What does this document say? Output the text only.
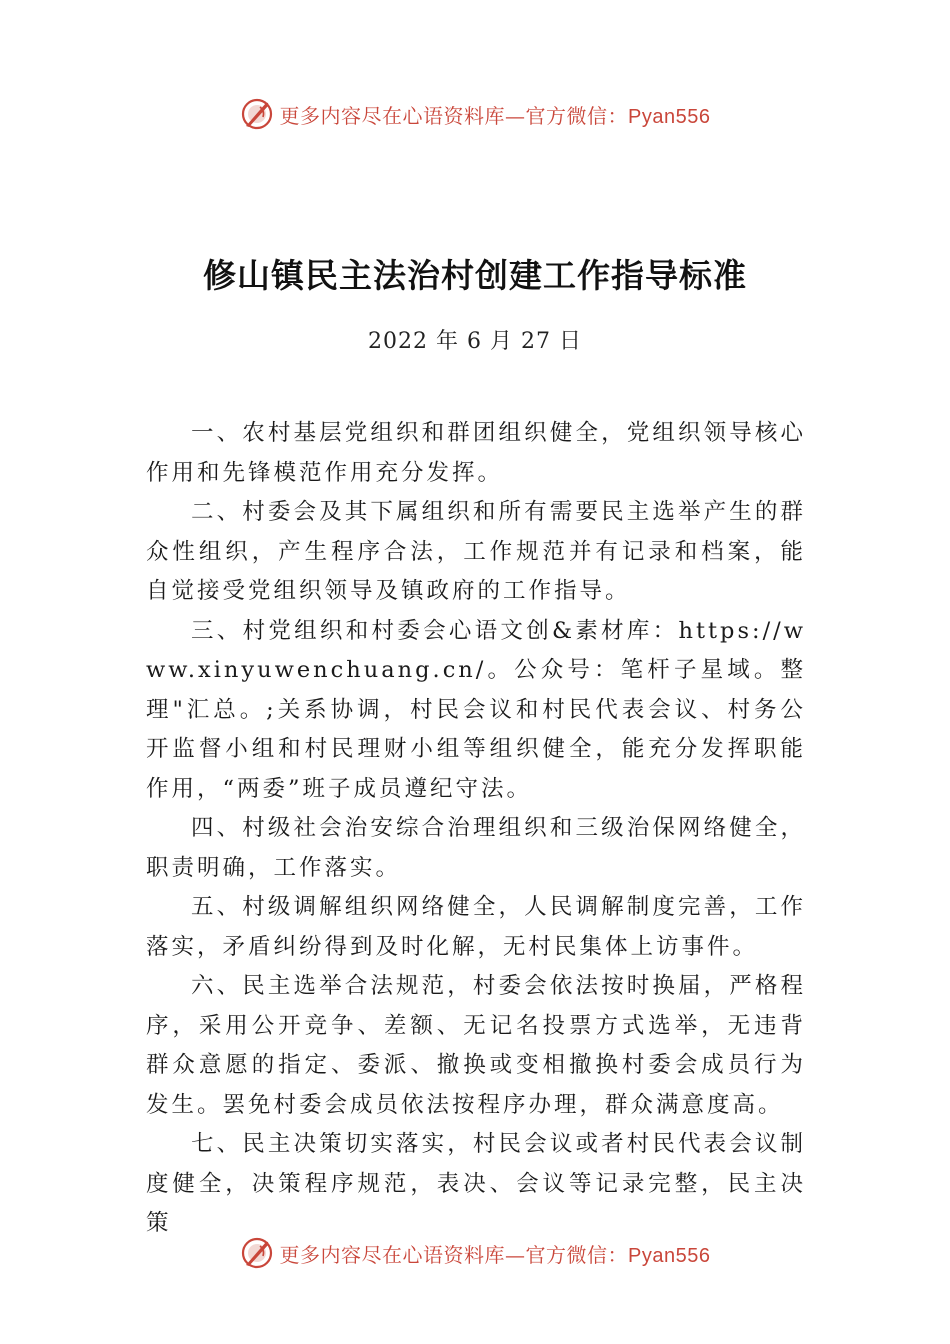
更多内容尽在心语资料库—官方微信：Pyan556
修山镇民主法治村创建工作指导标准

2022 年 6 月 27 日

一、农村基层党组织和群团组织健全，党组织领导核心作用和先锋模范作用充分发挥。

二、村委会及其下属组织和所有需要民主选举产生的群众性组织，产生程序合法，工作规范并有记录和档案，能自觉接受党组织领导及镇政府的工作指导。

三、村党组织和村委会心语文创&素材库：https://www.xinyuwenchuang.cn/。公众号：笔杆子星域。整理"汇总。;关系协调，村民会议和村民代表会议、村务公开监督小组和村民理财小组等组织健全，能充分发挥职能作用，“两委”班子成员遵纪守法。

四、村级社会治安综合治理组织和三级治保网络健全，职责明确，工作落实。

五、村级调解组织网络健全，人民调解制度完善，工作落实，矛盾纠纷得到及时化解，无村民集体上访事件。

六、民主选举合法规范，村委会依法按时换届，严格程序，采用公开竞争、差额、无记名投票方式选举，无违背群众意愿的指定、委派、撤换或变相撤换村委会成员行为发生。罢免村委会成员依法按程序办理，群众满意度高。

七、民主决策切实落实，村民会议或者村民代表会议制度健全，决策程序规范，表决、会议等记录完整，民主决策

更多内容尽在心语资料库—官方微信：Pyan556
